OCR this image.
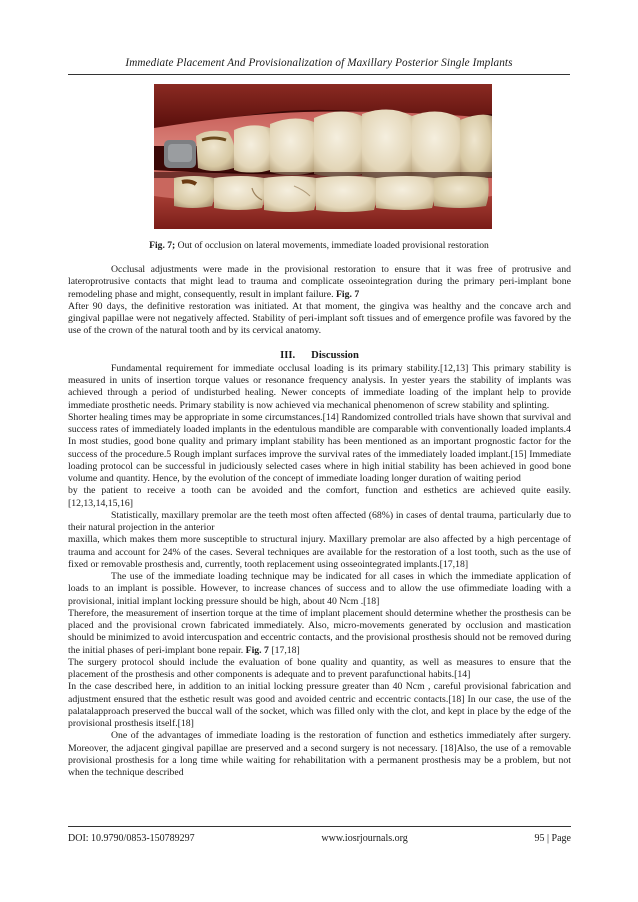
Immediate Placement And Provisionalization of Maxillary Posterior Single Implants
Fig. 7; Out of occlusion on lateral movements, immediate loaded provisional restoration

Occlusal adjustments were made in the provisional restoration to ensure that it was free of protrusive and lateroprotrusive contacts that might lead to trauma and complicate osseointegration during the primary peri-implant bone remodeling phase and might, consequently, result in implant failure. Fig. 7

After 90 days, the definitive restoration was initiated. At that moment, the gingiva was healthy and the concave arch and gingival papillae were not negatively affected. Stability of peri-implant soft tissues and of emergence profile was favored by the use of the crown of the natural tooth and by its cervical anatomy.

III. Discussion

Fundamental requirement for immediate occlusal loading is its primary stability.[12,13] This primary stability is measured in units of insertion torque values or resonance frequency analysis. In yester years the stability of implants was achieved through a period of undisturbed healing. Newer concepts of immediate loading of the implant help to provide immediate prosthetic needs. Primary stability is now achieved via mechanical phenomenon of screw stability and splinting.

Shorter healing times may be appropriate in some circumstances.[14] Randomized controlled trials have shown that survival and success rates of immediately loaded implants in the edentulous mandible are comparable with conventionally loaded implants.4 In most studies, good bone quality and primary implant stability has been mentioned as an important prognostic factor for the success of the procedure.5 Rough implant surfaces improve the survival rates of the immediately loaded implant.[15] Immediate loading protocol can be successful in judiciously selected cases where in high initial stability has been achieved in good bone volume and quantity. Hence, by the evolution of the concept of immediate loading longer duration of waiting period

by the patient to receive a tooth can be avoided and the comfort, function and esthetics are achieved quite easily.[12,13,14,15,16]

Statistically, maxillary premolar are the teeth most often affected (68%) in cases of dental trauma, particularly due to their natural projection in the anterior

maxilla, which makes them more susceptible to structural injury. Maxillary premolar are also affected by a high percentage of trauma and account for 24% of the cases. Several techniques are available for the restoration of a lost tooth, such as the use of fixed or removable prosthesis and, currently, tooth replacement using osseointegrated implants.[17,18]

The use of the immediate loading technique may be indicated for all cases in which the immediate application of loads to an implant is possible. However, to increase chances of success and to allow the use ofimmediate loading with a provisional, initial implant locking pressure should be high, about 40 Ncm .[18]

Therefore, the measurement of insertion torque at the time of implant placement should determine whether the prosthesis can be placed and the provisional crown fabricated immediately. Also, micro-movements generated by occlusion and mastication should be minimized to avoid intercuspation and eccentric contacts, and the provisional prosthesis should not be removed during the initial phases of peri-implant bone repair. Fig. 7 [17,18]

The surgery protocol should include the evaluation of bone quality and quantity, as well as measures to ensure that the placement of the prosthesis and other components is adequate and to prevent parafunctional habits.[14]

In the case described here, in addition to an initial locking pressure greater than 40 Ncm , careful provisional fabrication and adjustment ensured that the esthetic result was good and avoided centric and eccentric contacts.[18] In our case, the use of the palatalapproach preserved the buccal wall of the socket, which was filled only with the clot, and kept in place by the edge of the provisional prosthesis itself.[18]

One of the advantages of immediate loading is the restoration of function and esthetics immediately after surgery. Moreover, the adjacent gingival papillae are preserved and a second surgery is not necessary. [18]Also, the use of a removable provisional prosthesis for a long time while waiting for rehabilitation with a permanent prosthesis may be a problem, but not when the technique described

DOI: 10.9790/0853-150789297	www.iosrjournals.org	95 | Page
